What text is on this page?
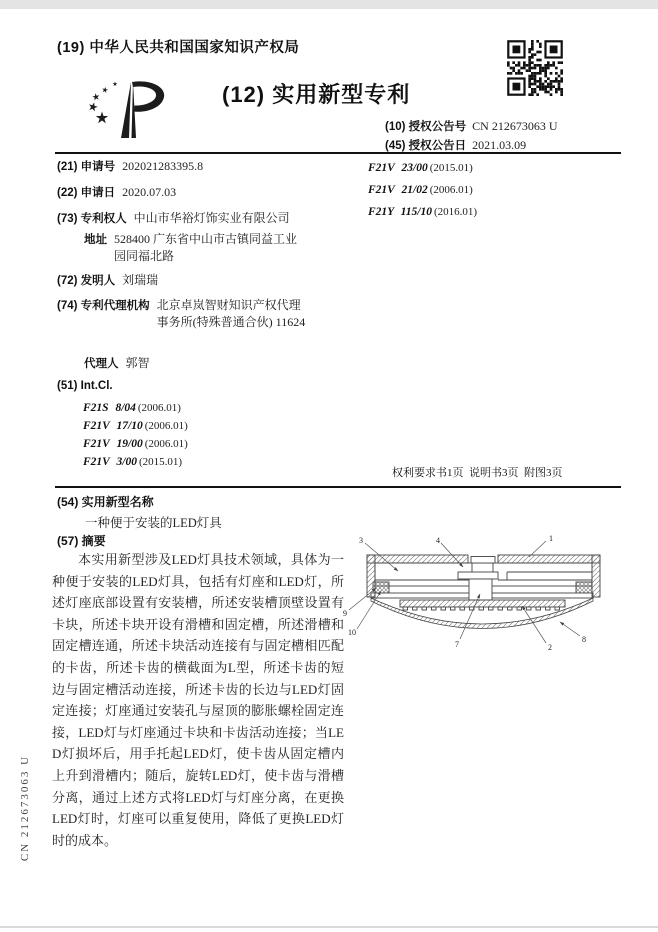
(19) 中华人民共和国国家知识产权局
(12) 实用新型专利
(10) 授权公告号 CN 212673063 U
(45) 授权公告日 2021.03.09
(21) 申请号 202021283395.8
(22) 申请日 2020.07.03
(73) 专利权人 中山市华裕灯饰实业有限公司
地址 528400 广东省中山市古镇同益工业园同福北路
(72) 发明人 刘瑞瑞
(74) 专利代理机构 北京卓岚智财知识产权代理事务所(特殊普通合伙) 11624
代理人 郭智
(51) Int.Cl.
F21S 8/04 (2006.01)
F21V 17/10 (2006.01)
F21V 19/00 (2006.01)
F21V 3/00 (2015.01)
F21V 23/00 (2015.01)
F21V 21/02 (2006.01)
F21Y 115/10 (2016.01)
权利要求书1页  说明书3页  附图3页
(54) 实用新型名称
一种便于安装的LED灯具
(57) 摘要

本实用新型涉及LED灯具技术领域，具体为一种便于安装的LED灯具，包括有灯座和LED灯，所述灯座底部设置有安装槽，所述安装槽顶壁设置有卡块，所述卡块开设有滑槽和固定槽，所述滑槽和固定槽连通，所述卡块活动连接有与固定槽相匹配的卡齿，所述卡齿的横截面为L型，所述卡齿的短边与固定槽活动连接，所述卡齿的长边与LED灯固定连接；灯座通过安装孔与屋顶的膨胀螺栓固定连接，LED灯与灯座通过卡块和卡齿活动连接；当LED灯损坏后，用手托起LED灯，使卡齿从固定槽内上升到滑槽内；随后，旋转LED灯，使卡齿与滑槽分离，通过上述方式将LED灯与灯座分离，在更换LED灯时，灯座可以重复使用，降低了更换LED灯时的成本。

1
2
3	4
7
8
9
10
CN 212673063 U
